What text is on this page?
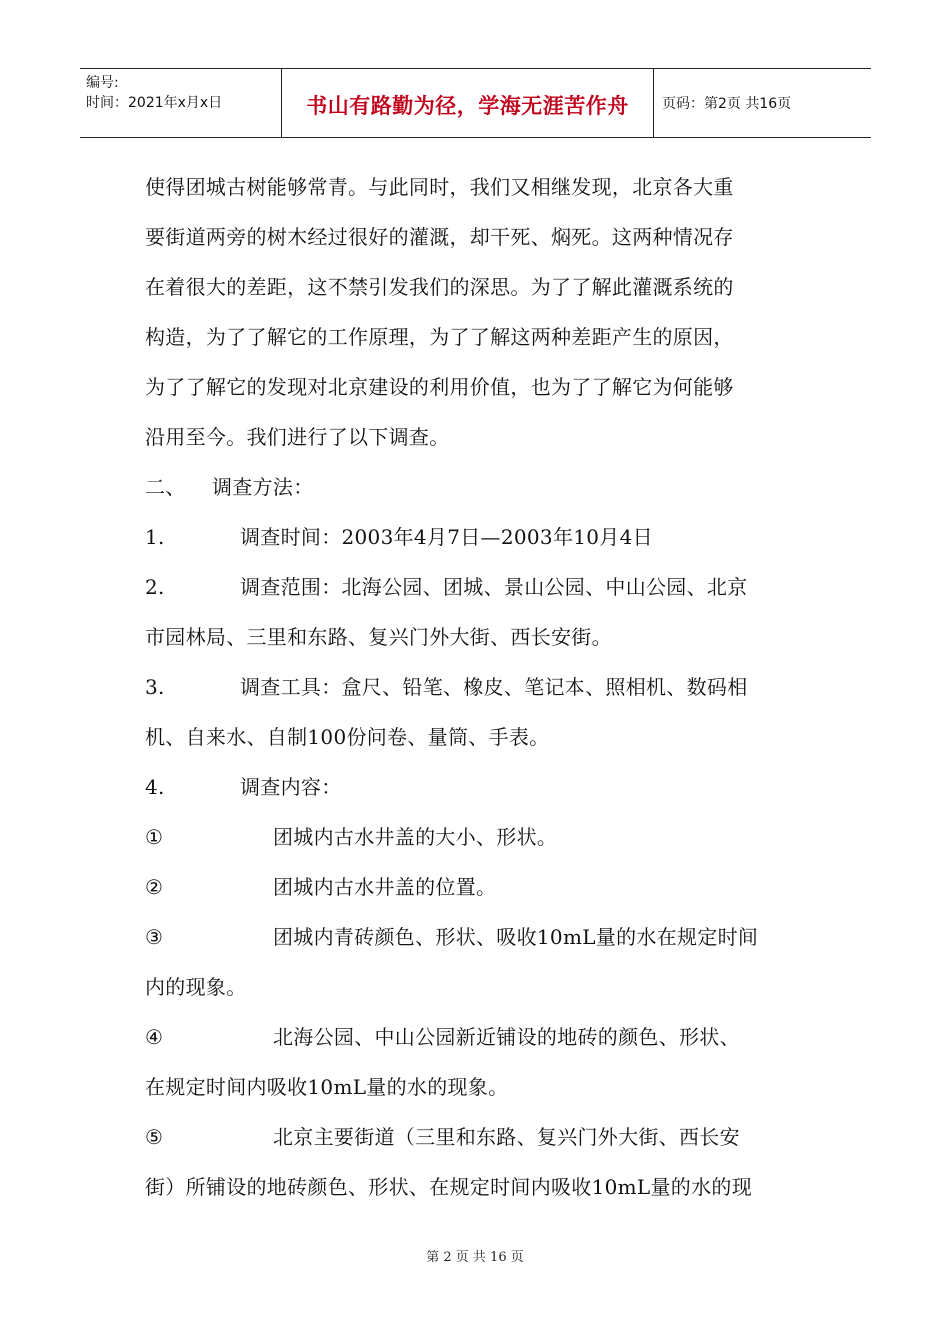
编号:
时间：2021年x月x日	书山有路勤为径，学海无涯苦作舟 页码：第2页 共16页
使得团城古树能够常青。与此同时，我们又相继发现，北京各大重
要街道两旁的树木经过很好的灌溉，却干死、焖死。这两种情况存
在着很大的差距，这不禁引发我们的深思。为了了解此灌溉系统的
构造，为了了解它的工作原理，为了了解这两种差距产生的原因，
为了了解它的发现对北京建设的利用价值，也为了了解它为何能够
沿用至今。我们进行了以下调查。
二、 调查方法：
1.	调查时间：2003年4月7日—2003年10月4日
2.	调查范围：北海公园、团城、景山公园、中山公园、北京
市园林局、三里和东路、复兴门外大街、西长安街。
3.	调查工具：盒尺、铅笔、橡皮、笔记本、照相机、数码相
机、自来水、自制100份问卷、量筒、手表。
4.	调查内容：
①	团城内古水井盖的大小、形状。
②	团城内古水井盖的位置。
③	团城内青砖颜色、形状、吸收10mL量的水在规定时间
内的现象。
④	北海公园、中山公园新近铺设的地砖的颜色、形状、
在规定时间内吸收10mL量的水的现象。
⑤	北京主要街道（三里和东路、复兴门外大街、西长安
街）所铺设的地砖颜色、形状、在规定时间内吸收10mL量的水的现
第 2 页 共 16 页
